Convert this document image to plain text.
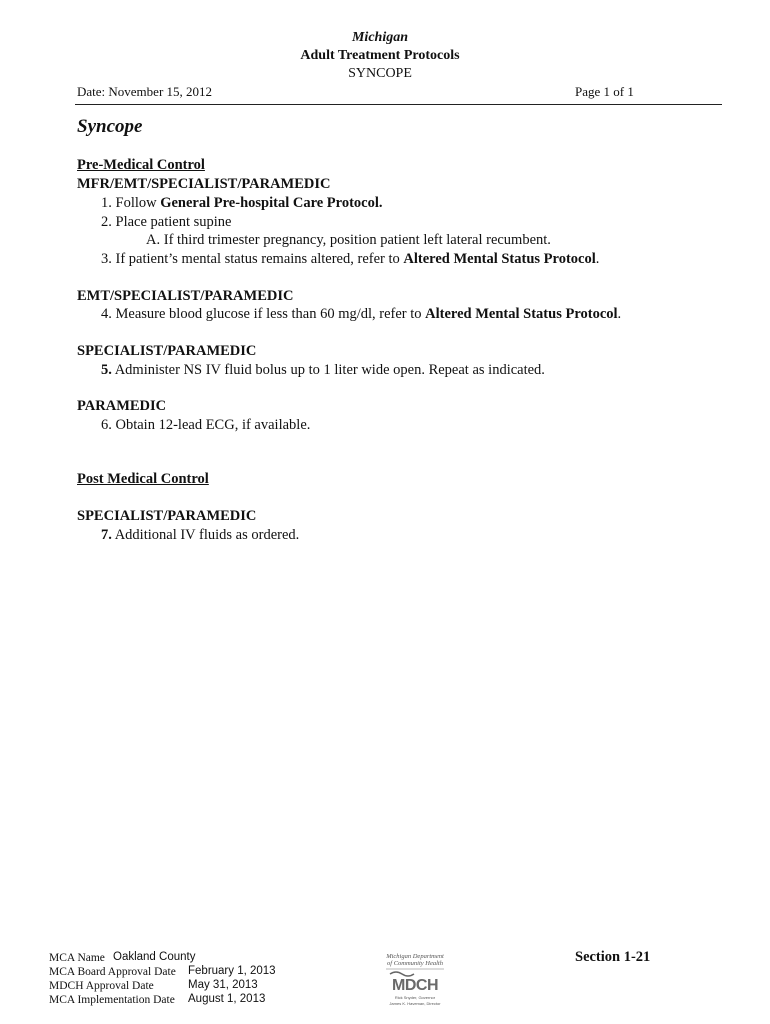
Michigan
Adult Treatment Protocols
SYNCOPE
Date: November 15, 2012	Page 1 of 1
Syncope
Pre-Medical Control
MFR/EMT/SPECIALIST/PARAMEDIC
1. Follow General Pre-hospital Care Protocol.
2. Place patient supine
A. If third trimester pregnancy, position patient left lateral recumbent.
3. If patient’s mental status remains altered, refer to Altered Mental Status Protocol.
EMT/SPECIALIST/PARAMEDIC
4. Measure blood glucose if less than 60 mg/dl, refer to Altered Mental Status Protocol.
SPECIALIST/PARAMEDIC
5. Administer NS IV fluid bolus up to 1 liter wide open. Repeat as indicated.
PARAMEDIC
6. Obtain 12-lead ECG, if available.
Post Medical Control
SPECIALIST/PARAMEDIC
7. Additional IV fluids as ordered.
MCA Name Oakland County
MCA Board Approval Date February 1, 2013
MDCH Approval Date	May 31, 2013
MCA Implementation Date August 1, 2013
Michigan Department
of Community Health
MDCH
Rick Snyder, Governor
James K. Haveman, Director
Section 1-21
